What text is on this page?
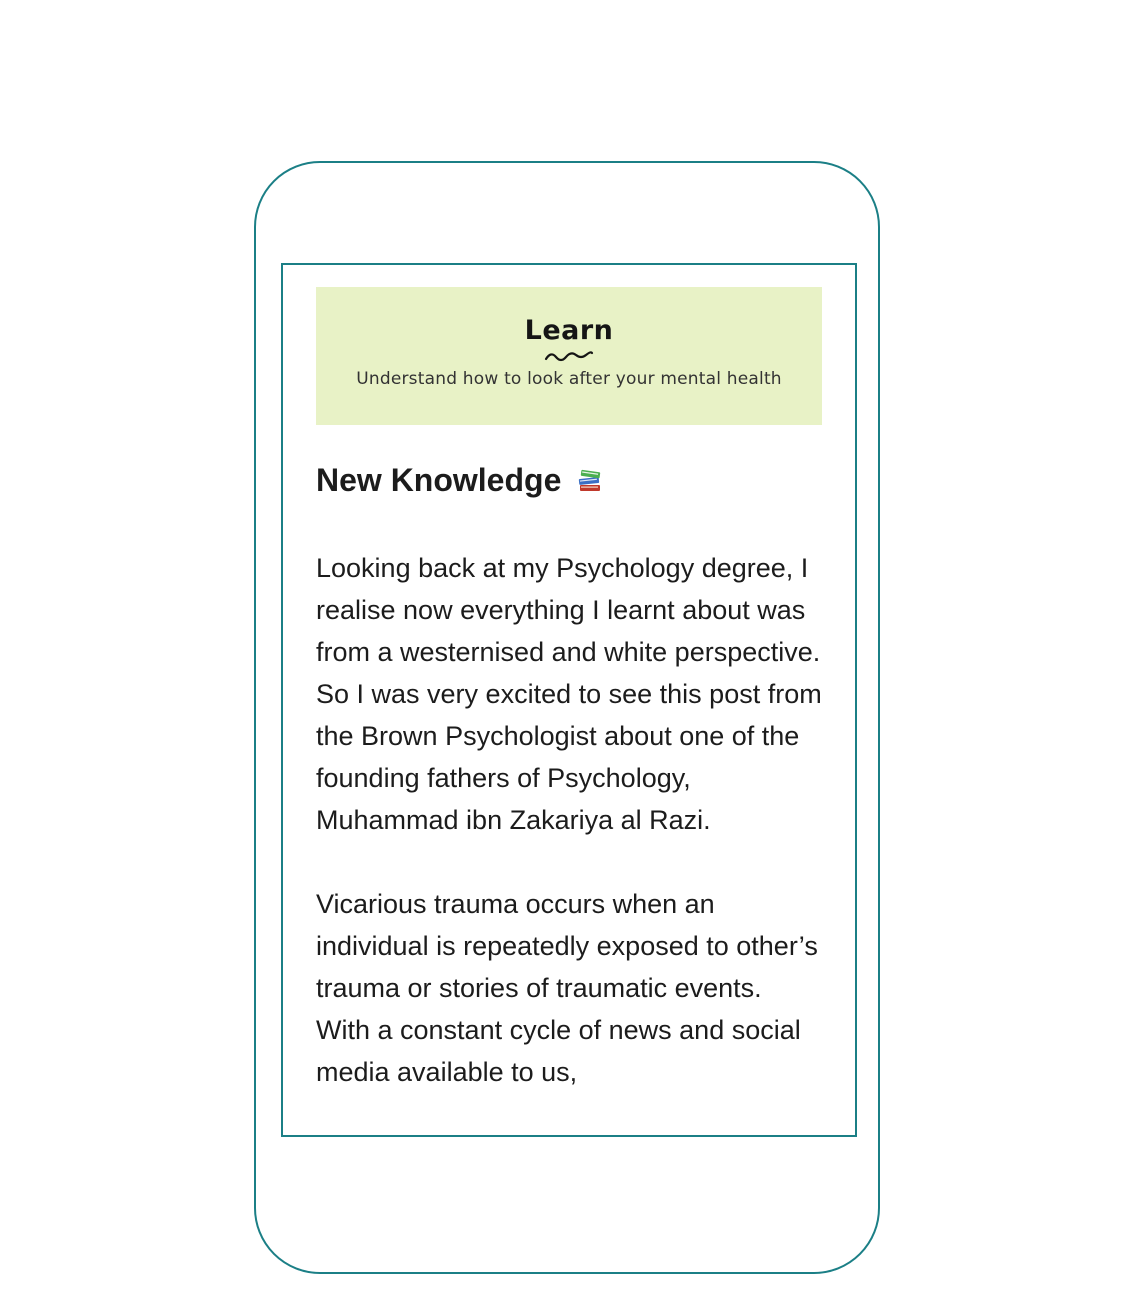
Learn
Understand how to look after your mental health
New Knowledge

Looking back at my Psychology degree, I realise now everything I learnt about was from a westernised and white perspective. So I was very excited to see this post from the Brown Psychologist about one of the founding fathers of Psychology, Muhammad ibn Zakariya al Razi.

Vicarious trauma occurs when an individual is repeatedly exposed to other’s trauma or stories of traumatic events. With a constant cycle of news and social media available to us,
